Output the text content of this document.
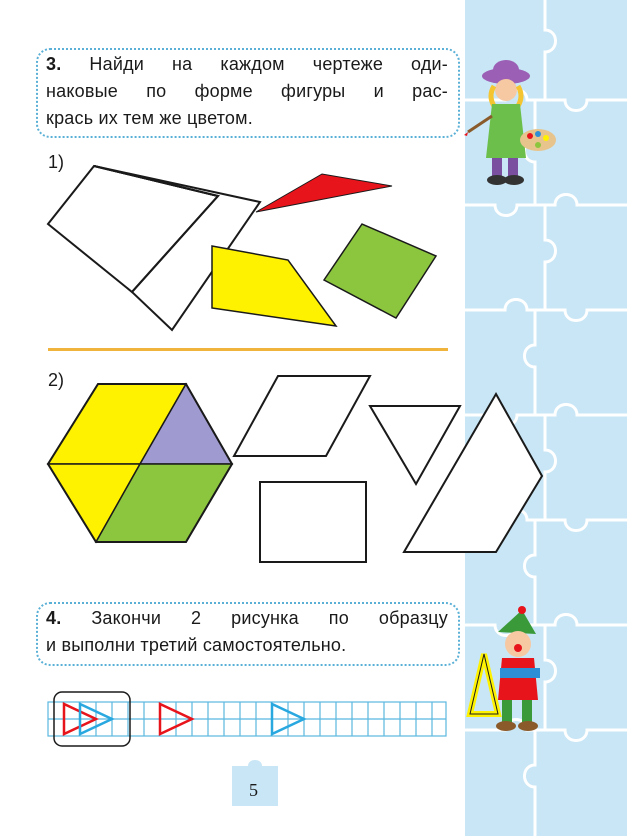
3. Найди на каждом чертеже оди-
наковые по форме фигуры и рас-
крась их тем же цветом.
1)
2)
4. Закончи 2 рисунка по образцу
и выполни третий самостоятельно.
5
